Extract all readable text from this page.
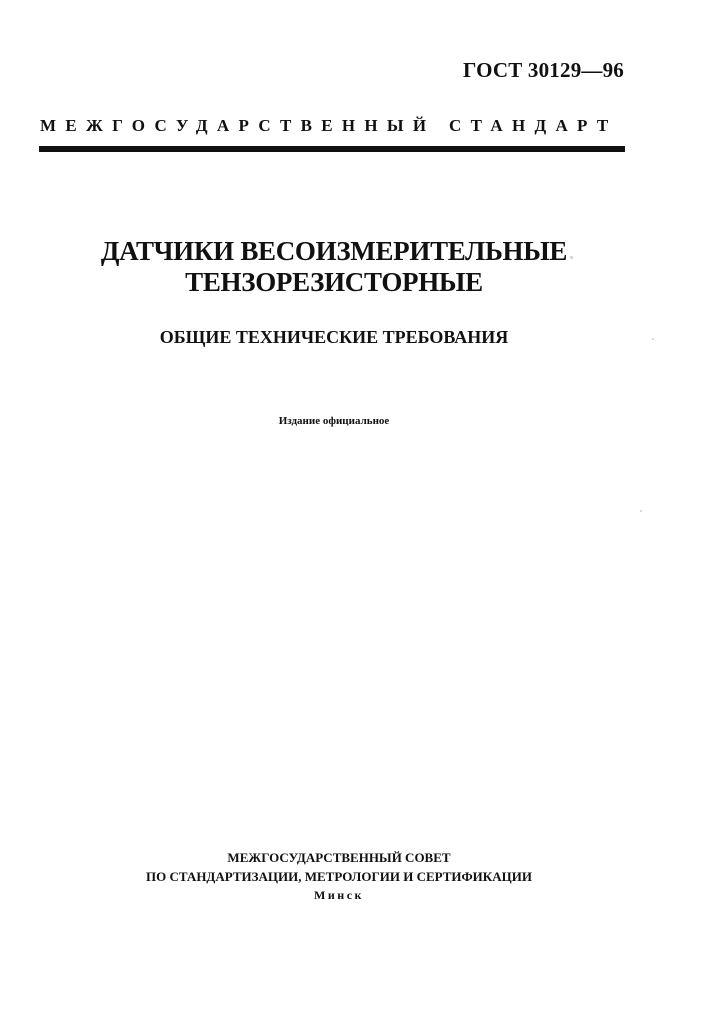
ГОСТ 30129—96
МЕЖГОСУДАРСТВЕННЫЙ СТАНДАРТ
ДАТЧИКИ ВЕСОИЗМЕРИТЕЛЬНЫЕ
ТЕНЗОРЕЗИСТОРНЫЕ
ОБЩИЕ ТЕХНИЧЕСКИЕ ТРЕБОВАНИЯ
Издание официальное
МЕЖГОСУДАРСТВЕННЫЙ СОВЕТ
ПО СТАНДАРТИЗАЦИИ, МЕТРОЛОГИИ И СЕРТИФИКАЦИИ
Минск
